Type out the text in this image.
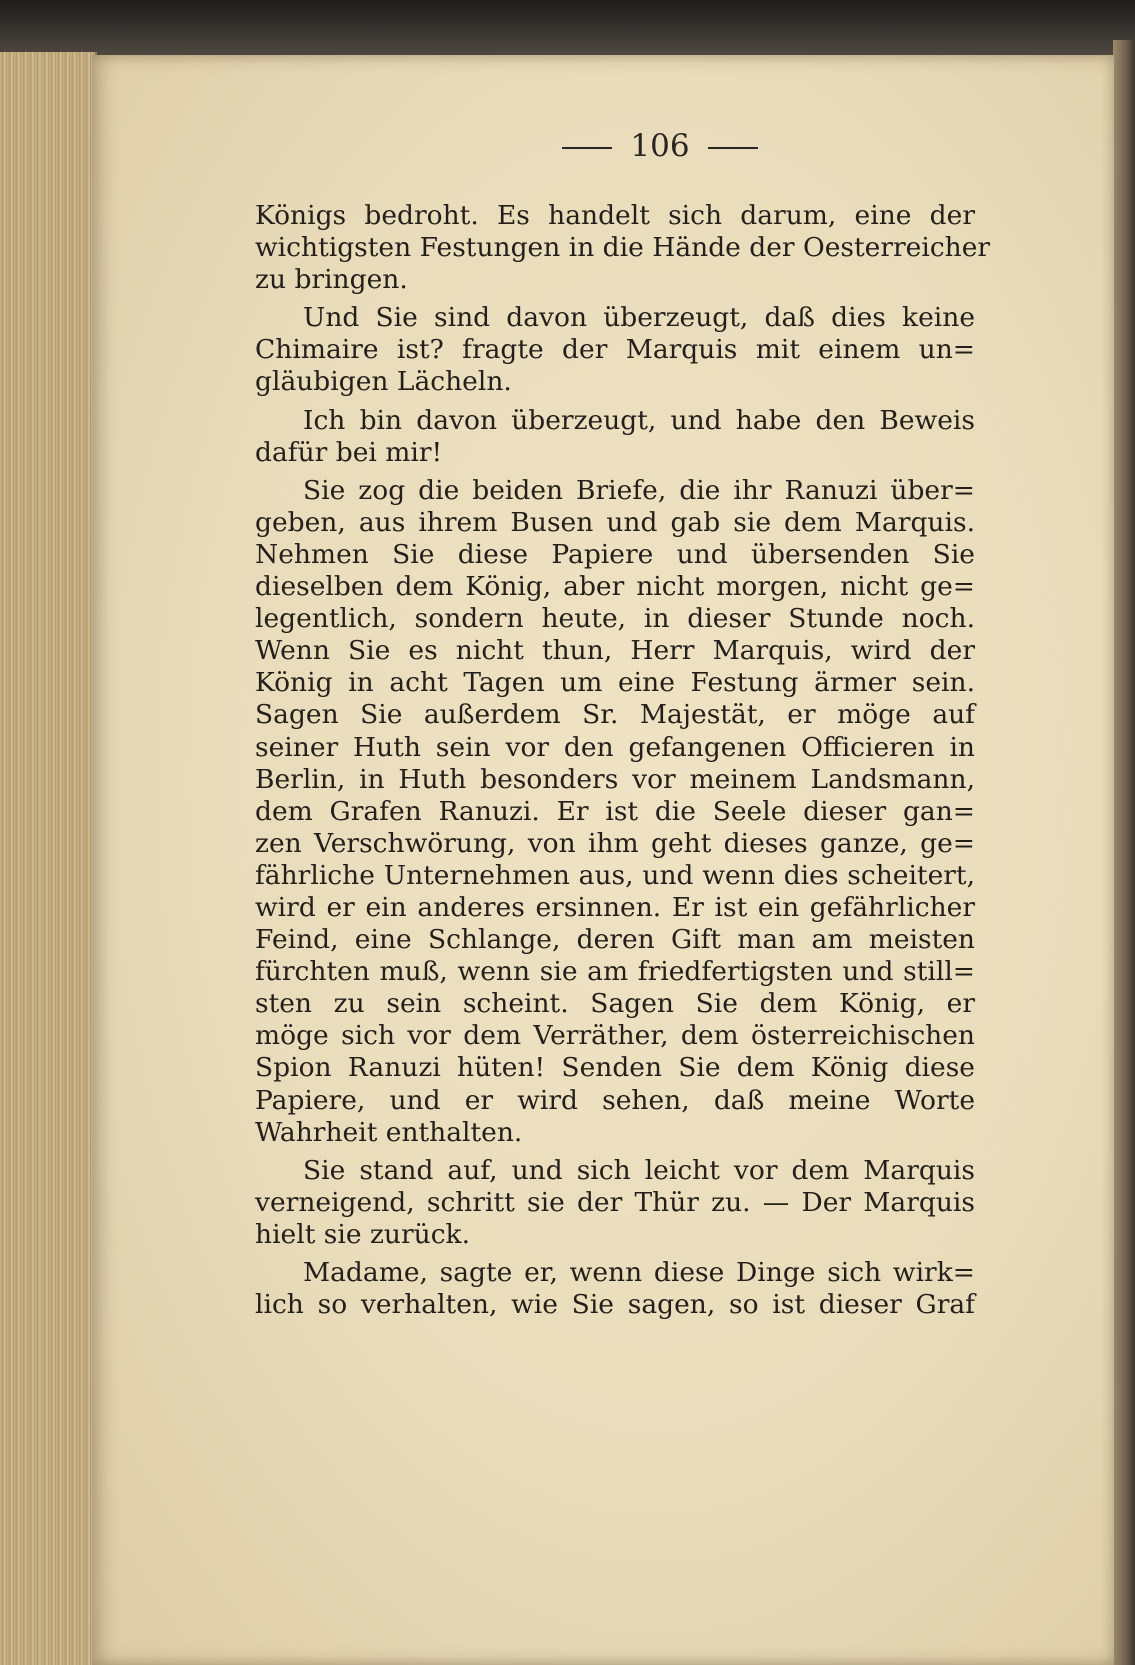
106

Königs bedroht. Es handelt sich darum, eine der
wichtigsten Festungen in die Hände der Oesterreicher
zu bringen.

Und Sie sind davon überzeugt, daß dies keine
Chimaire ist? fragte der Marquis mit einem un=
gläubigen Lächeln.

Ich bin davon überzeugt, und habe den Beweis
dafür bei mir!

Sie zog die beiden Briefe, die ihr Ranuzi über=
geben, aus ihrem Busen und gab sie dem Marquis.
Nehmen Sie diese Papiere und übersenden Sie
dieselben dem König, aber nicht morgen, nicht ge=
legentlich, sondern heute, in dieser Stunde noch.
Wenn Sie es nicht thun, Herr Marquis, wird der
König in acht Tagen um eine Festung ärmer sein.
Sagen Sie außerdem Sr. Majestät, er möge auf
seiner Huth sein vor den gefangenen Officieren in
Berlin, in Huth besonders vor meinem Landsmann,
dem Grafen Ranuzi. Er ist die Seele dieser gan=
zen Verschwörung, von ihm geht dieses ganze, ge=
fährliche Unternehmen aus, und wenn dies scheitert,
wird er ein anderes ersinnen. Er ist ein gefährlicher
Feind, eine Schlange, deren Gift man am meisten
fürchten muß, wenn sie am friedfertigsten und still=
sten zu sein scheint. Sagen Sie dem König, er
möge sich vor dem Verräther, dem österreichischen
Spion Ranuzi hüten! Senden Sie dem König diese
Papiere, und er wird sehen, daß meine Worte
Wahrheit enthalten.

Sie stand auf, und sich leicht vor dem Marquis
verneigend, schritt sie der Thür zu. — Der Marquis
hielt sie zurück.

Madame, sagte er, wenn diese Dinge sich wirk=
lich so verhalten, wie Sie sagen, so ist dieser Graf
